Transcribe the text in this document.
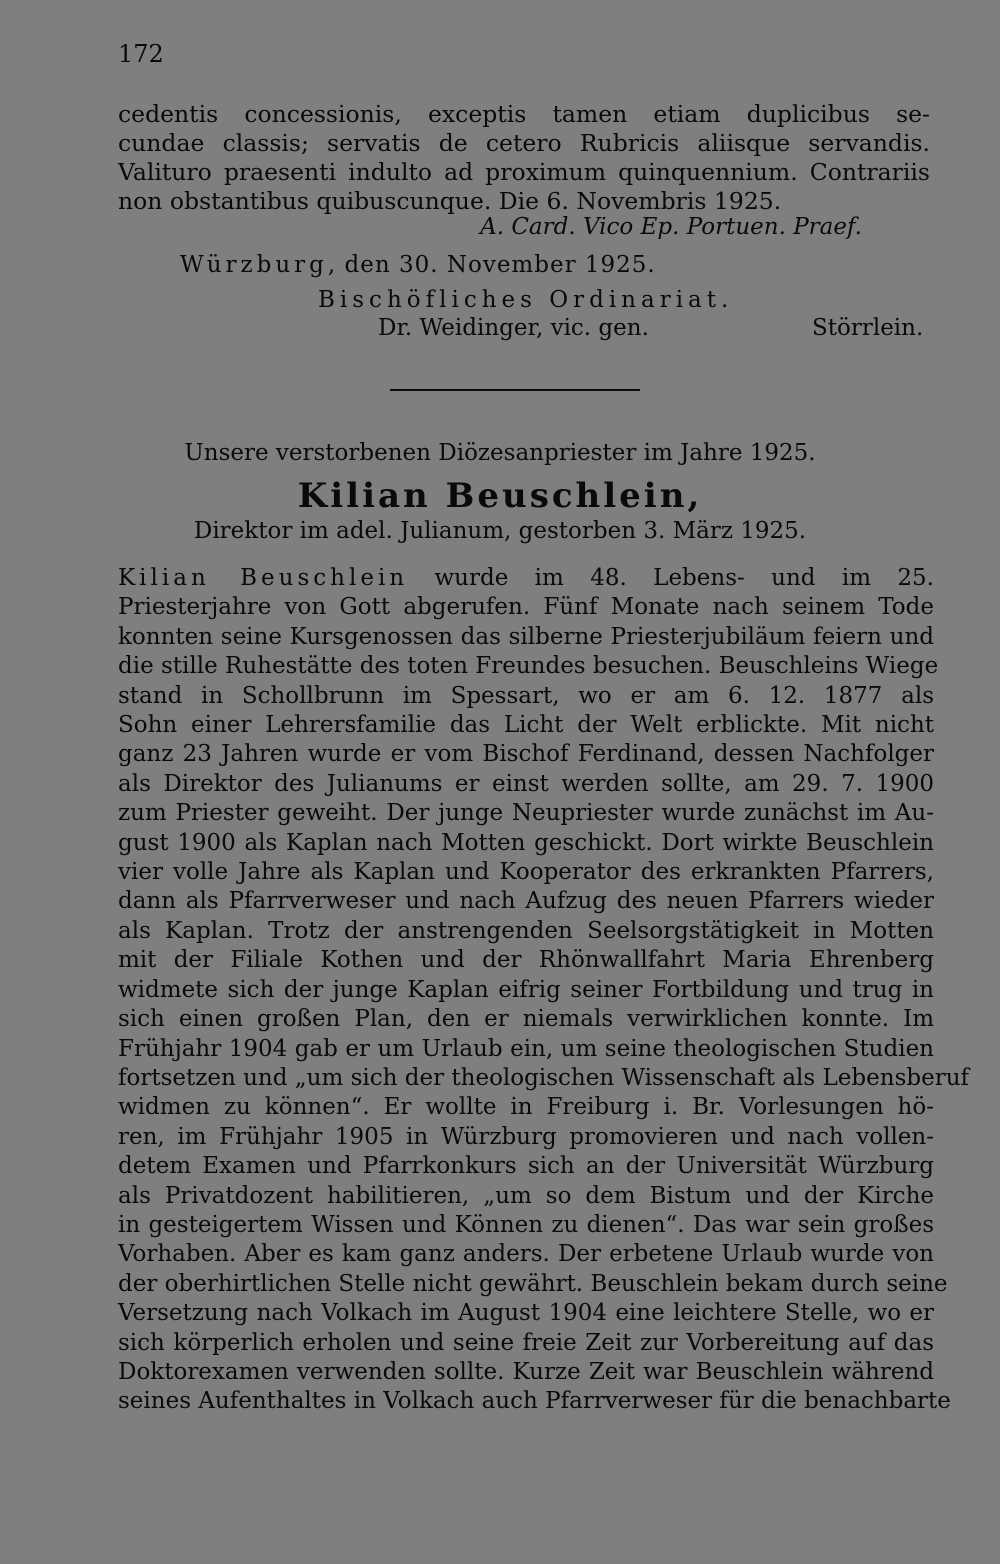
172
cedentis concessionis, exceptis tamen etiam duplicibus se-
cundae classis; servatis de cetero Rubricis aliisque servandis.
Valituro praesenti indulto ad proximum quinquennium. Contrariis
non obstantibus quibuscunque. Die 6. Novembris 1925.
A. Card. Vico Ep. Portuen. Praef.
Würzburg, den 30. November 1925.
Bischöfliches Ordinariat.
Dr. Weidinger, vic. gen.	Störrlein.
Unsere verstorbenen Diözesanpriester im Jahre 1925.
Kilian Beuschlein,
Direktor im adel. Julianum, gestorben 3. März 1925.
Kilian Beuschlein wurde im 48. Lebens- und im 25.
Priesterjahre von Gott abgerufen. Fünf Monate nach seinem Tode
konnten seine Kursgenossen das silberne Priesterjubiläum feiern und
die stille Ruhestätte des toten Freundes besuchen. Beuschleins Wiege
stand in Schollbrunn im Spessart, wo er am 6. 12. 1877 als
Sohn einer Lehrersfamilie das Licht der Welt erblickte. Mit nicht
ganz 23 Jahren wurde er vom Bischof Ferdinand, dessen Nachfolger
als Direktor des Julianums er einst werden sollte, am 29. 7. 1900
zum Priester geweiht. Der junge Neupriester wurde zunächst im Au-
gust 1900 als Kaplan nach Motten geschickt. Dort wirkte Beuschlein
vier volle Jahre als Kaplan und Kooperator des erkrankten Pfarrers,
dann als Pfarrverweser und nach Aufzug des neuen Pfarrers wieder
als Kaplan. Trotz der anstrengenden Seelsorgstätigkeit in Motten
mit der Filiale Kothen und der Rhönwallfahrt Maria Ehrenberg
widmete sich der junge Kaplan eifrig seiner Fortbildung und trug in
sich einen großen Plan, den er niemals verwirklichen konnte. Im
Frühjahr 1904 gab er um Urlaub ein, um seine theologischen Studien
fortsetzen und „um sich der theologischen Wissenschaft als Lebensberuf
widmen zu können“. Er wollte in Freiburg i. Br. Vorlesungen hö-
ren, im Frühjahr 1905 in Würzburg promovieren und nach vollen-
detem Examen und Pfarrkonkurs sich an der Universität Würzburg
als Privatdozent habilitieren, „um so dem Bistum und der Kirche
in gesteigertem Wissen und Können zu dienen“. Das war sein großes
Vorhaben. Aber es kam ganz anders. Der erbetene Urlaub wurde von
der oberhirtlichen Stelle nicht gewährt. Beuschlein bekam durch seine
Versetzung nach Volkach im August 1904 eine leichtere Stelle, wo er
sich körperlich erholen und seine freie Zeit zur Vorbereitung auf das
Doktorexamen verwenden sollte. Kurze Zeit war Beuschlein während
seines Aufenthaltes in Volkach auch Pfarrverweser für die benachbarte
